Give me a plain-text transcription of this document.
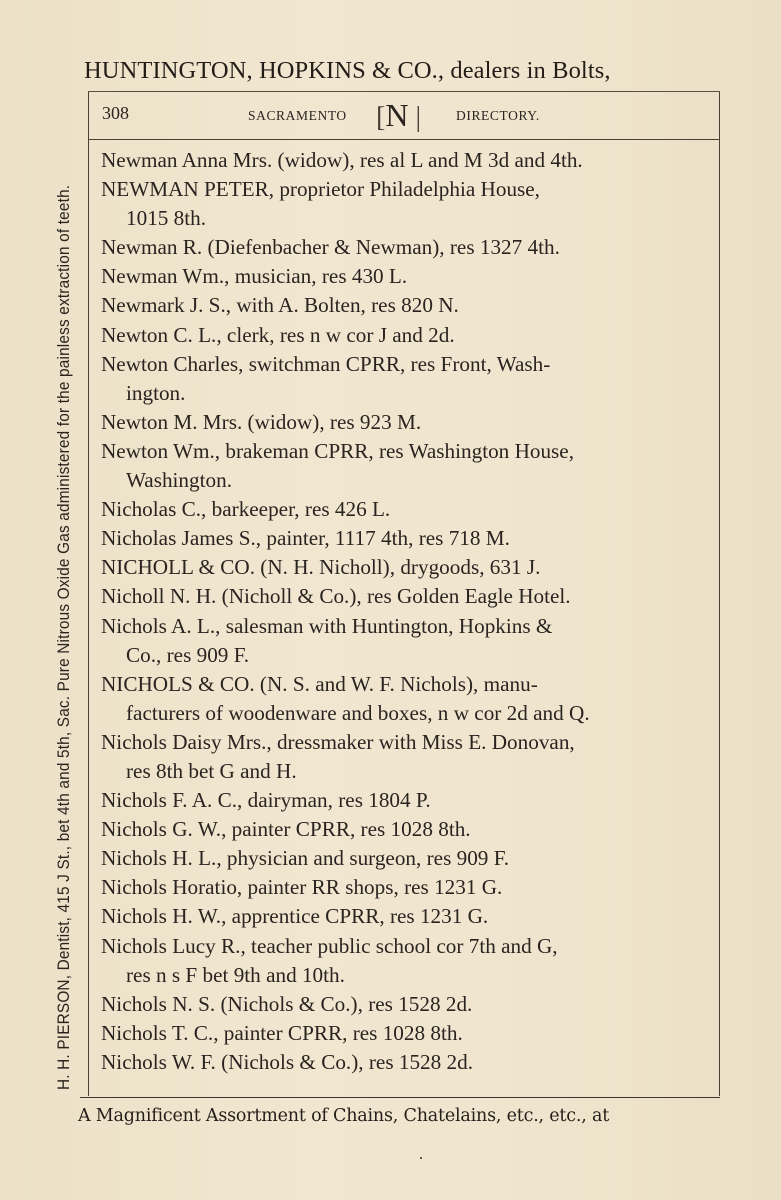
HUNTINGTON, HOPKINS & CO., dealers in Bolts,
H. H. PIERSON, Dentist, 415 J St., bet 4th and 5th, Sac. Pure Nitrous Oxide Gas administered for the painless extraction of teeth.
308	SACRAMENTO [N |	DIRECTORY.
Newman Anna Mrs. (widow), res al L and M 3d and 4th.
NEWMAN PETER, proprietor Philadelphia House,
1015 8th.
Newman R. (Diefenbacher & Newman), res 1327 4th.
Newman Wm., musician, res 430 L.
Newmark J. S., with A. Bolten, res 820 N.
Newton C. L., clerk, res n w cor J and 2d.
Newton Charles, switchman CPRR, res Front, Wash-
ington.
Newton M. Mrs. (widow), res 923 M.
Newton Wm., brakeman CPRR, res Washington House,
Washington.
Nicholas C., barkeeper, res 426 L.
Nicholas James S., painter, 1117 4th, res 718 M.
NICHOLL & CO. (N. H. Nicholl), drygoods, 631 J.
Nicholl N. H. (Nicholl & Co.), res Golden Eagle Hotel.
Nichols A. L., salesman with Huntington, Hopkins &
Co., res 909 F.
NICHOLS & CO. (N. S. and W. F. Nichols), manu-
facturers of woodenware and boxes, n w cor 2d and Q.
Nichols Daisy Mrs., dressmaker with Miss E. Donovan,
res 8th bet G and H.
Nichols F. A. C., dairyman, res 1804 P.
Nichols G. W., painter CPRR, res 1028 8th.
Nichols H. L., physician and surgeon, res 909 F.
Nichols Horatio, painter RR shops, res 1231 G.
Nichols H. W., apprentice CPRR, res 1231 G.
Nichols Lucy R., teacher public school cor 7th and G,
res n s F bet 9th and 10th.
Nichols N. S. (Nichols & Co.), res 1528 2d.
Nichols T. C., painter CPRR, res 1028 8th.
Nichols W. F. (Nichols & Co.), res 1528 2d.
A Magnificent Assortment of Chains, Chatelains, etc., etc., at
